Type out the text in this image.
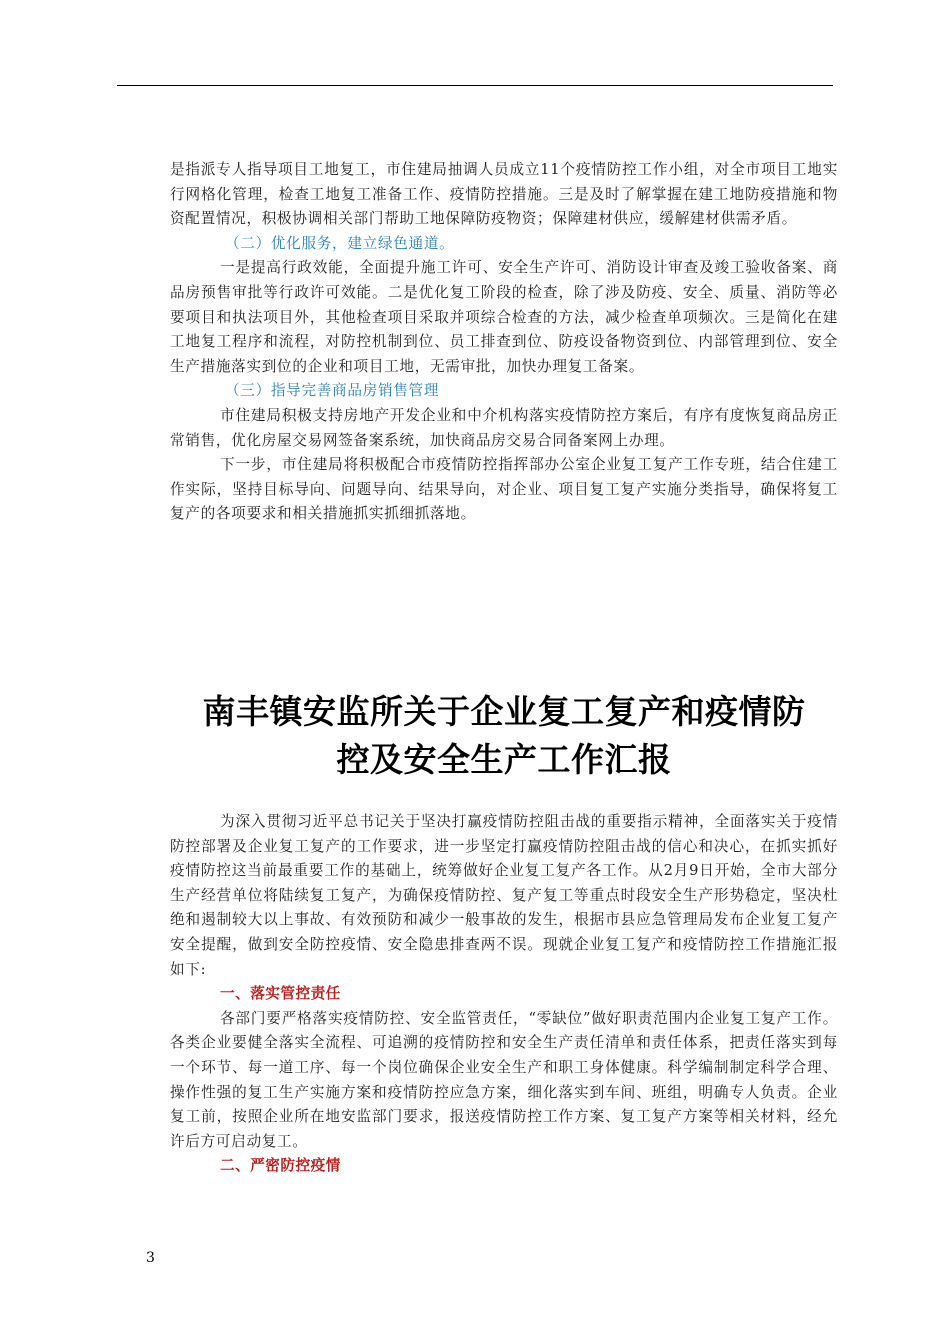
是指派专人指导项目工地复工，市住建局抽调人员成立11个疫情防控工作小组，对全市项目工地实行网格化管理，检查工地复工准备工作、疫情防控措施。三是及时了解掌握在建工地防疫措施和物资配置情况，积极协调相关部门帮助工地保障防疫物资；保障建材供应，缓解建材供需矛盾。

（二）优化服务，建立绿色通道。

一是提高行政效能，全面提升施工许可、安全生产许可、消防设计审查及竣工验收备案、商品房预售审批等行政许可效能。二是优化复工阶段的检查，除了涉及防疫、安全、质量、消防等必要项目和执法项目外，其他检查项目采取并项综合检查的方法，减少检查单项频次。三是简化在建工地复工程序和流程，对防控机制到位、员工排查到位、防疫设备物资到位、内部管理到位、安全生产措施落实到位的企业和项目工地，无需审批，加快办理复工备案。

（三）指导完善商品房销售管理

市住建局积极支持房地产开发企业和中介机构落实疫情防控方案后，有序有度恢复商品房正常销售，优化房屋交易网签备案系统，加快商品房交易合同备案网上办理。

下一步，市住建局将积极配合市疫情防控指挥部办公室企业复工复产工作专班，结合住建工作实际，坚持目标导向、问题导向、结果导向，对企业、项目复工复产实施分类指导，确保将复工复产的各项要求和相关措施抓实抓细抓落地。

南丰镇安监所关于企业复工复产和疫情防
控及安全生产工作汇报

为深入贯彻习近平总书记关于坚决打赢疫情防控阻击战的重要指示精神，全面落实关于疫情防控部署及企业复工复产的工作要求，进一步坚定打赢疫情防控阻击战的信心和决心，在抓实抓好疫情防控这当前最重要工作的基础上，统筹做好企业复工复产各工作。从2月9日开始，全市大部分生产经营单位将陆续复工复产，为确保疫情防控、复产复工等重点时段安全生产形势稳定，坚决杜绝和遏制较大以上事故、有效预防和减少一般事故的发生，根据市县应急管理局发布企业复工复产安全提醒，做到安全防控疫情、安全隐患排查两不误。现就企业复工复产和疫情防控工作措施汇报如下:

一、落实管控责任

各部门要严格落实疫情防控、安全监管责任，“零缺位”做好职责范围内企业复工复产工作。各类企业要健全落实全流程、可追溯的疫情防控和安全生产责任清单和责任体系，把责任落实到每一个环节、每一道工序、每一个岗位确保企业安全生产和职工身体健康。科学编制制定科学合理、操作性强的复工生产实施方案和疫情防控应急方案，细化落实到车间、班组，明确专人负责。企业复工前，按照企业所在地安监部门要求，报送疫情防控工作方案、复工复产方案等相关材料，经允许后方可启动复工。

二、严密防控疫情

3
